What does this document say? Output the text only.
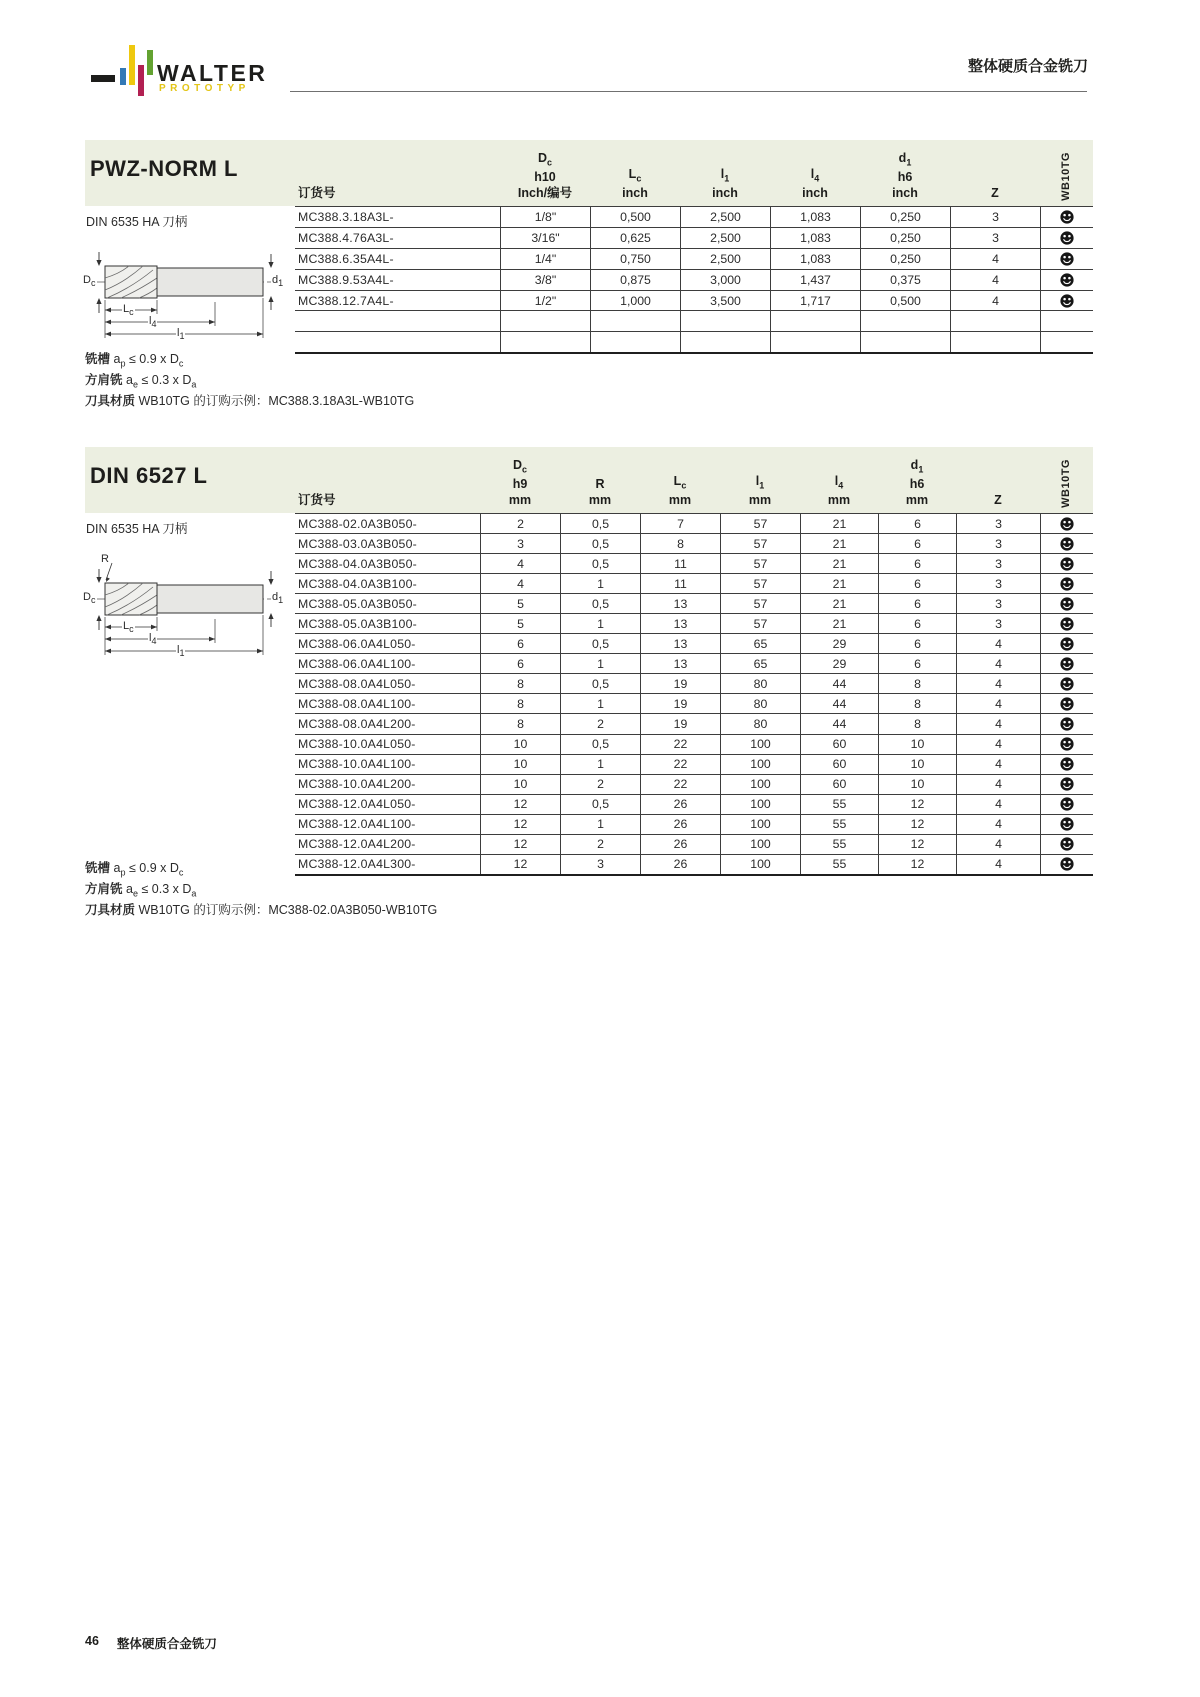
WALTER
PROTOTYP
整体硬质合金铣刀
PWZ-NORM L
订货号
$D_c$
h10
Inch/编号
$L_c$
inch
$l_1$
inch
$l_4$
inch
$d_1$
h6
inch	Z	WB10TG
DIN 6535 HA 刀柄
$D_c$	$d_1$
$L_c$
$l_4$
$l_1$
MC388.3.18A3L-	1/8"	0,500	2,500	1,083	0,250	3
MC388.4.76A3L-	3/16"	0,625	2,500	1,083	0,250	3
MC388.6.35A4L-	1/4"	0,750	2,500	1,083	0,250	4
MC388.9.53A4L-	3/8"	0,875	3,000	1,437	0,375	4
MC388.12.7A4L-	1/2"	1,000	3,500	1,717	0,500	4
铣槽 $a_p \le 0.9$ x $D_c$
方肩铣 $a_e \le 0.3$ x $D_a$
刀具材质 WB10TG 的订购示例：MC388.3.18A3L-WB10TG
DIN 6527 L
订货号
$D_c$
h9
mm
R
mm
$L_c$
mm
$l_1$
mm
$l_4$
mm
$d_1$
h6
mm	Z	WB10TG
DIN 6535 HA 刀柄
R
$D_c$	$d_1$
$L_c$
$l_4$
$l_1$
MC388-02.0A3B050-	2	0,5	7	57	21	6	3
MC388-03.0A3B050-	3	0,5	8	57	21	6	3
MC388-04.0A3B050-	4	0,5	11	57	21	6	3
MC388-04.0A3B100-	4	1	11	57	21	6	3
MC388-05.0A3B050-	5	0,5	13	57	21	6	3
MC388-05.0A3B100-	5	1	13	57	21	6	3
MC388-06.0A4L050-	6	0,5	13	65	29	6	4
MC388-06.0A4L100-	6	1	13	65	29	6	4
MC388-08.0A4L050-	8	0,5	19	80	44	8	4
MC388-08.0A4L100-	8	1	19	80	44	8	4
MC388-08.0A4L200-	8	2	19	80	44	8	4
MC388-10.0A4L050-	10	0,5	22	100	60	10	4
MC388-10.0A4L100-	10	1	22	100	60	10	4
MC388-10.0A4L200-	10	2	22	100	60	10	4
MC388-12.0A4L050-	12	0,5	26	100	55	12	4
MC388-12.0A4L100-	12	1	26	100	55	12	4
MC388-12.0A4L200-	12	2	26	100	55	12	4
MC388-12.0A4L300-	12	3	26	100	55	12	4
铣槽 $a_p \le 0.9$ x $D_c$
方肩铣 $a_e \le 0.3$ x $D_a$
刀具材质 WB10TG 的订购示例：MC388-02.0A3B050-WB10TG
46 整体硬质合金铣刀
